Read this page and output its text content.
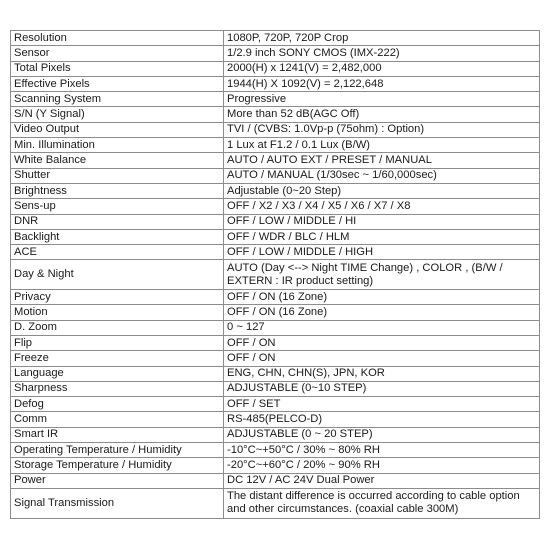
Resolution	1080P, 720P, 720P Crop
Sensor	1/2.9 inch SONY CMOS (IMX-222)
Total Pixels	2000(H) x 1241(V) = 2,482,000
Effective Pixels	1944(H) X 1092(V) = 2,122,648
Scanning System	Progressive
S/N (Y Signal)	More than 52 dB(AGC Off)
Video Output	TVI / (CVBS: 1.0Vp-p (75ohm) : Option)
Min. Illumination	1 Lux at F1.2 / 0.1 Lux (B/W)
White Balance	AUTO / AUTO EXT / PRESET / MANUAL
Shutter	AUTO / MANUAL (1/30sec ~ 1/60,000sec)
Brightness	Adjustable (0~20 Step)
Sens-up	OFF / X2 / X3 / X4 / X5 / X6 / X7 / X8
DNR	OFF / LOW / MIDDLE / HI
Backlight	OFF / WDR / BLC / HLM
ACE	OFF / LOW / MIDDLE / HIGH
Day & Night	AUTO (Day <--> Night TIME Change) , COLOR , (B/W / EXTERN : IR product setting)
Privacy	OFF / ON (16 Zone)
Motion	OFF / ON (16 Zone)
D. Zoom	0 ~ 127
Flip	OFF / ON
Freeze	OFF / ON
Language	ENG, CHN, CHN(S), JPN, KOR
Sharpness	ADJUSTABLE (0~10 STEP)
Defog	OFF / SET
Comm	RS-485(PELCO-D)
Smart IR	ADJUSTABLE (0 ~ 20 STEP)
Operating Temperature / Humidity	-10°C~+50°C / 30% ~ 80% RH
Storage Temperature / Humidity	-20°C~+60°C / 20% ~ 90% RH
Power	DC 12V / AC 24V Dual Power
Signal Transmission	The distant difference is occurred according to cable option and other circumstances. (coaxial cable 300M)
